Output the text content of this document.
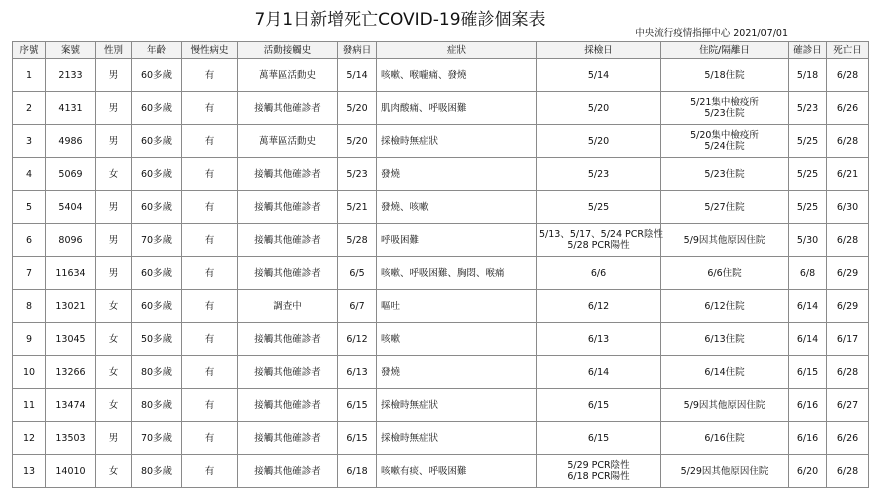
7月1日新增死亡COVID-19確診個案表
中央流行疫情指揮中心 2021/07/01
序號	案號	性別	年齡	慢性病史	活動接觸史	發病日	症狀	採檢日	住院/隔離日	確診日	死亡日
1	2133	男	60多歲	有	萬華區活動史	5/14	咳嗽、喉嚨痛、發燒	5/14	5/18住院	5/18	6/28
2	4131	男	60多歲	有	接觸其他確診者	5/20	肌肉酸痛、呼吸困難	5/20	5/21集中檢疫所
5/23住院	5/23	6/26
3	4986	男	60多歲	有	萬華區活動史	5/20	採檢時無症狀	5/20	5/20集中檢疫所
5/24住院	5/25	6/28
4	5069	女	60多歲	有	接觸其他確診者	5/23	發燒	5/23	5/23住院	5/25	6/21
5	5404	男	60多歲	有	接觸其他確診者	5/21	發燒、咳嗽	5/25	5/27住院	5/25	6/30
6	8096	男	70多歲	有	接觸其他確診者	5/28	呼吸困難	5/13、5/17、5/24 PCR陰性
5/28 PCR陽性	5/9因其他原因住院	5/30	6/28
7	11634	男	60多歲	有	接觸其他確診者	6/5	咳嗽、呼吸困難、胸悶、喉痛	6/6	6/6住院	6/8	6/29
8	13021	女	60多歲	有	調查中	6/7	嘔吐	6/12	6/12住院	6/14	6/29
9	13045	女	50多歲	有	接觸其他確診者	6/12	咳嗽	6/13	6/13住院	6/14	6/17
10	13266	女	80多歲	有	接觸其他確診者	6/13	發燒	6/14	6/14住院	6/15	6/28
11	13474	女	80多歲	有	接觸其他確診者	6/15	採檢時無症狀	6/15	5/9因其他原因住院	6/16	6/27
12	13503	男	70多歲	有	接觸其他確診者	6/15	採檢時無症狀	6/15	6/16住院	6/16	6/26
13	14010	女	80多歲	有	接觸其他確診者	6/18	咳嗽有痰、呼吸困難	5/29 PCR陰性
6/18 PCR陽性	5/29因其他原因住院	6/20	6/28
